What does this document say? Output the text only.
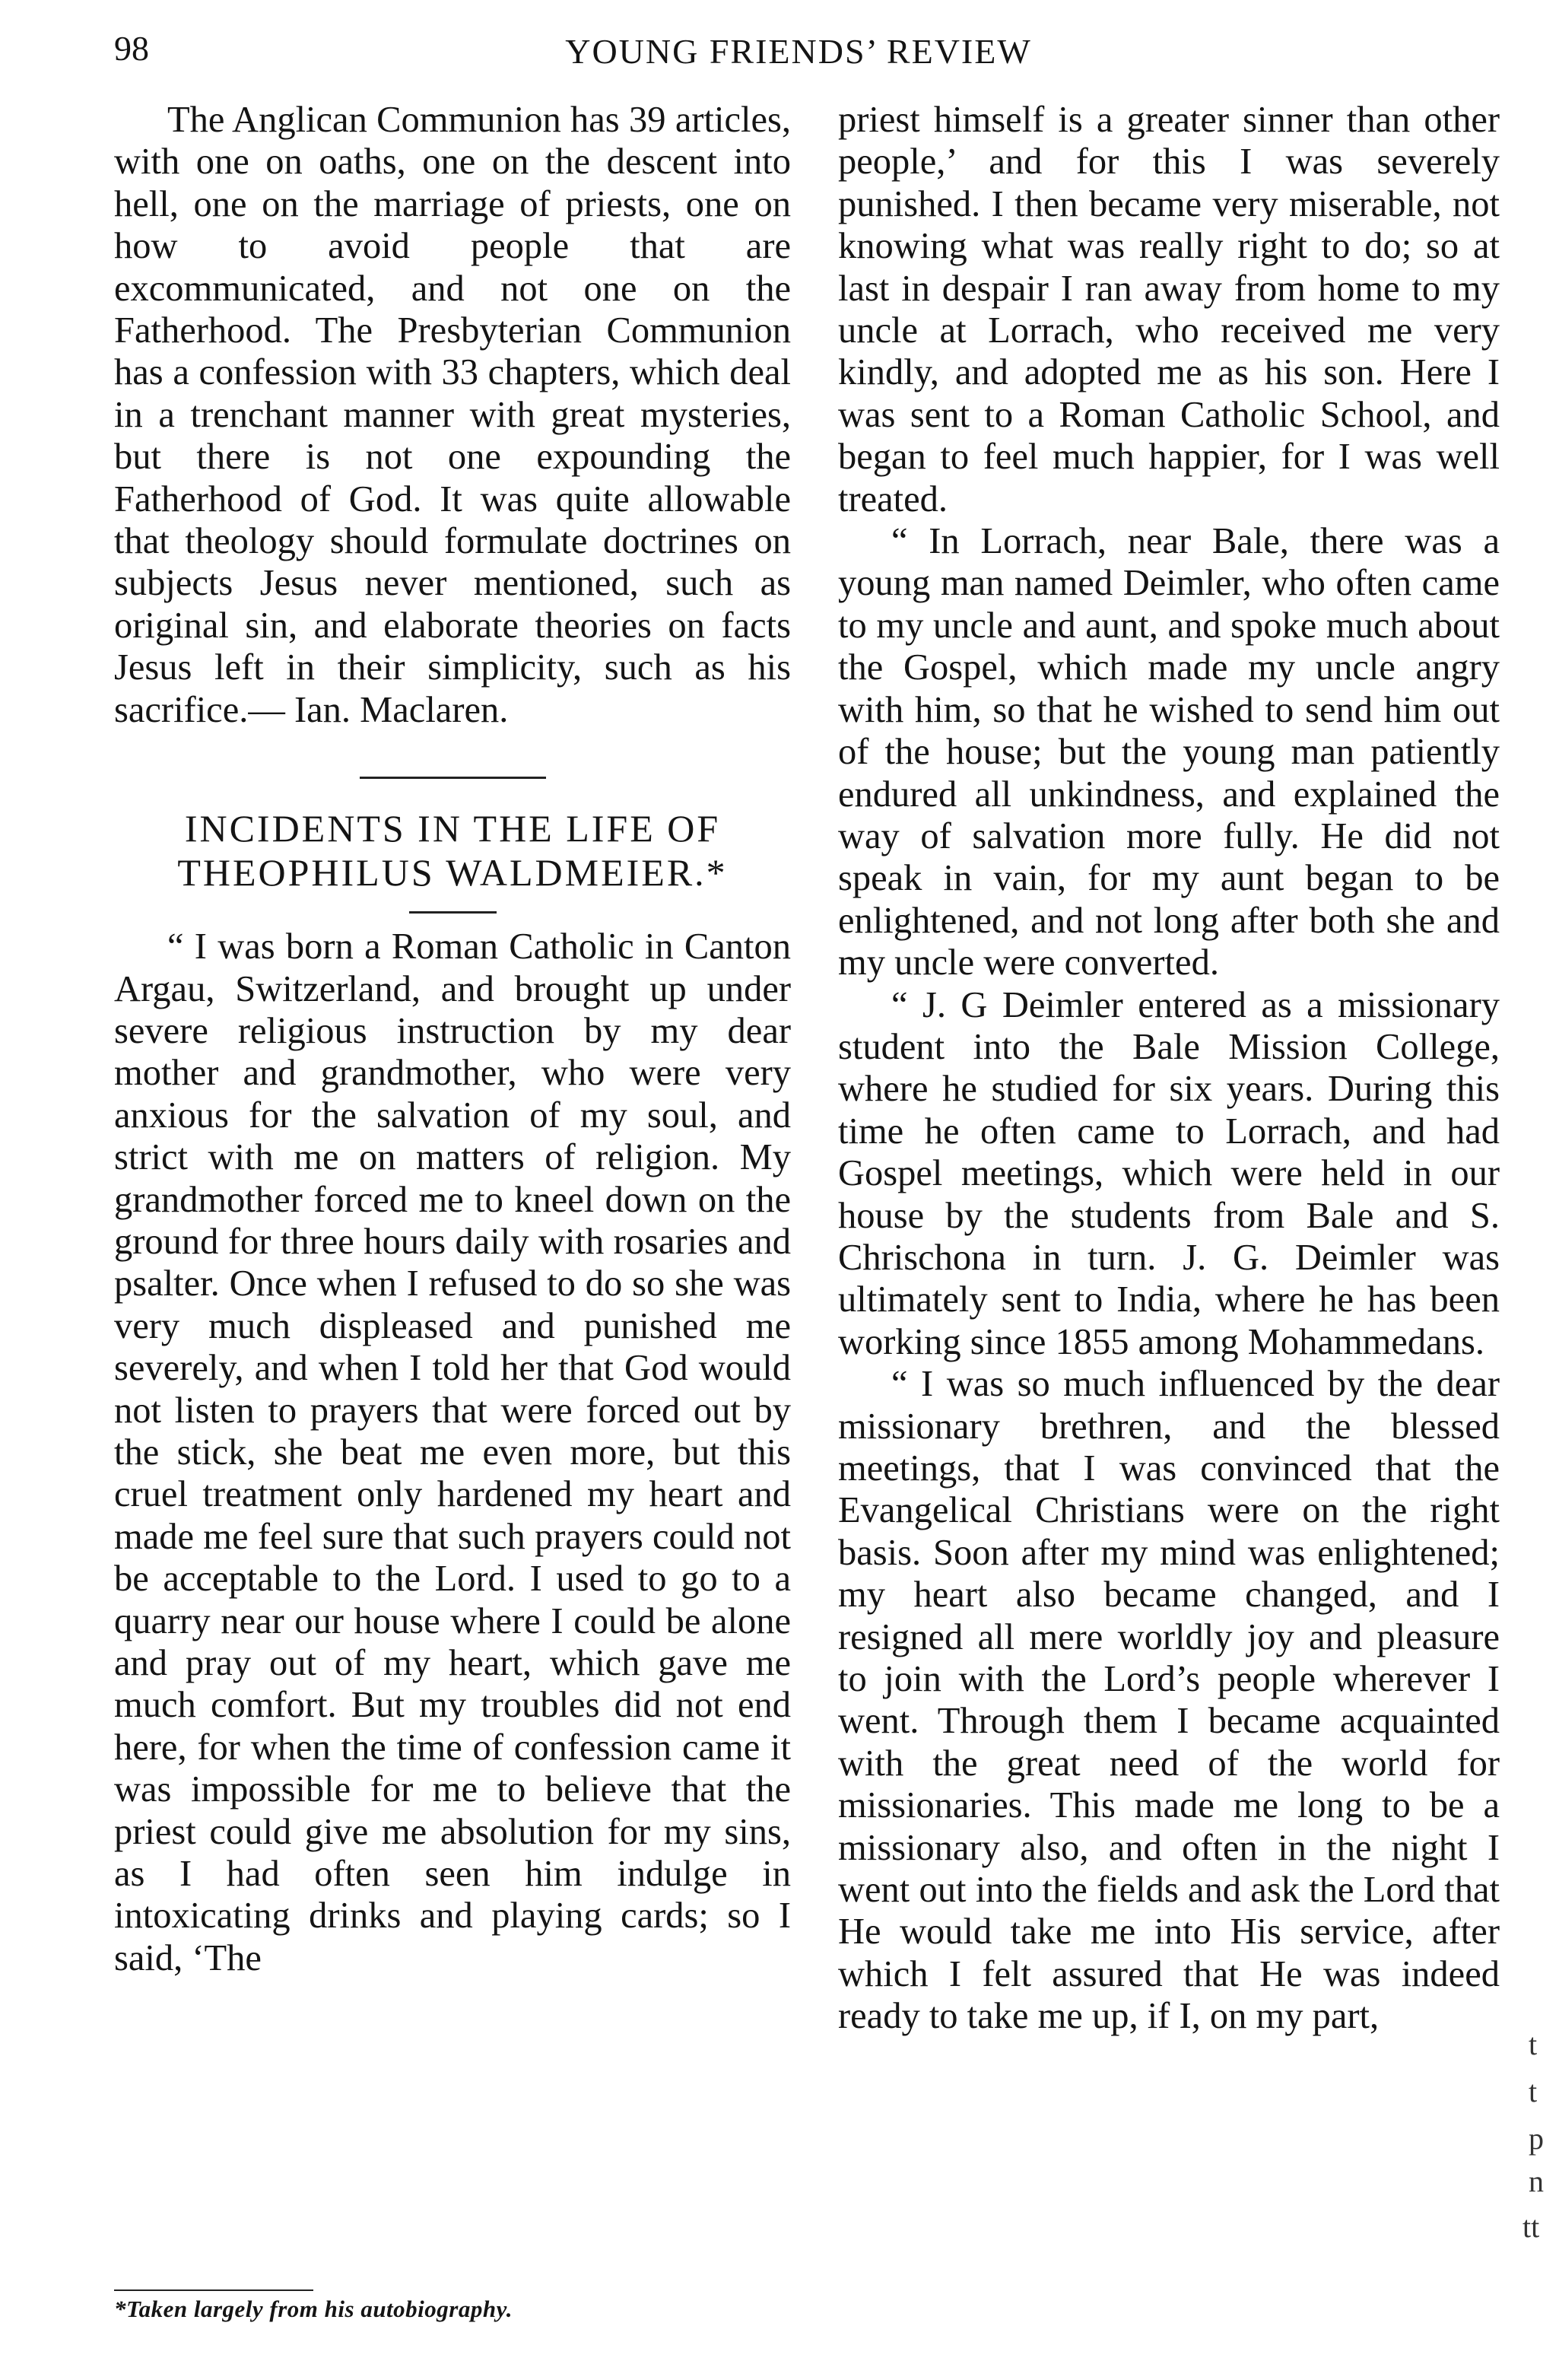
98	YOUNG FRIENDS’ REVIEW

The Anglican Communion has 39 articles, with one on oaths, one on the descent into hell, one on the marriage of priests, one on how to avoid people that are excommunicated, and not one on the Fatherhood. The Presbyterian Communion has a confession with 33 chapters, which deal in a trenchant manner with great mysteries, but there is not one expounding the Fatherhood of God. It was quite allowable that theology should formulate doctrines on subjects Jesus never mentioned, such as original sin, and elaborate theories on facts Jesus left in their simplicity, such as his sacrifice.— Ian. Maclaren.

INCIDENTS IN THE LIFE OF
THEOPHILUS WALDMEIER.*

“ I was born a Roman Catholic in Canton Argau, Switzerland, and brought up under severe religious instruction by my dear mother and grandmother, who were very anxious for the salvation of my soul, and strict with me on matters of religion. My grandmother forced me to kneel down on the ground for three hours daily with rosaries and psalter. Once when I refused to do so she was very much displeased and punished me severely, and when I told her that God would not listen to prayers that were forced out by the stick, she beat me even more, but this cruel treatment only hardened my heart and made me feel sure that such prayers could not be acceptable to the Lord. I used to go to a quarry near our house where I could be alone and pray out of my heart, which gave me much comfort. But my troubles did not end here, for when the time of confession came it was impossible for me to believe that the priest could give me absolution for my sins, as I had often seen him indulge in intoxicating drinks and playing cards; so I said, ‘The

*Taken largely from his autobiography.

priest himself is a greater sinner than other people,’ and for this I was severely punished. I then became very miserable, not knowing what was really right to do; so at last in despair I ran away from home to my uncle at Lorrach, who received me very kindly, and adopted me as his son. Here I was sent to a Roman Catholic School, and began to feel much happier, for I was well treated.

“ In Lorrach, near Bale, there was a young man named Deimler, who often came to my uncle and aunt, and spoke much about the Gospel, which made my uncle angry with him, so that he wished to send him out of the house; but the young man patiently endured all unkindness, and explained the way of salvation more fully. He did not speak in vain, for my aunt began to be enlightened, and not long after both she and my uncle were converted.

“ J. G Deimler entered as a missionary student into the Bale Mission College, where he studied for six years. During this time he often came to Lorrach, and had Gospel meetings, which were held in our house by the students from Bale and S. Chrischona in turn. J. G. Deimler was ultimately sent to India, where he has been working since 1855 among Mohammedans.

“ I was so much influenced by the dear missionary brethren, and the blessed meetings, that I was convinced that the Evangelical Christians were on the right basis. Soon after my mind was enlightened; my heart also became changed, and I resigned all mere worldly joy and pleasure to join with the Lord’s people wherever I went. Through them I became acquainted with the great need of the world for missionaries. This made me long to be a missionary also, and often in the night I went out into the fields and ask the Lord that He would take me into His service, after which I felt assured that He was indeed ready to take me up, if I, on my part,

t
t
p
n
tt
